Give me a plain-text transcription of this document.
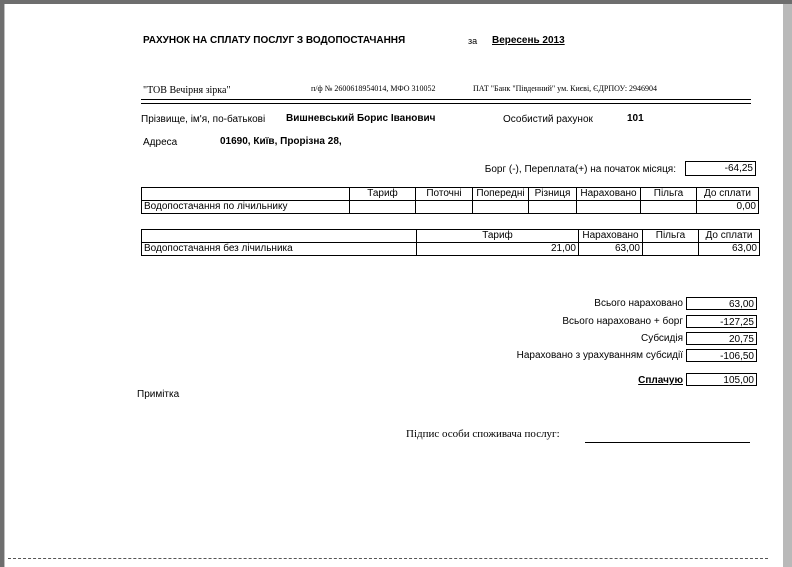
РАХУНОК НА СПЛАТУ ПОСЛУГ З ВОДОПОСТАЧАННЯ	за Вересень 2013
"ТОВ Вечірня зірка"	п/ф № 2600618954014, МФО 310052	ПАТ "Банк "Південний" ум. Києві, ЄДРПОУ: 2946904
Прізвище, ім'я, по-батькові Вишневський Борис Іванович	Особистий рахунок	101
Адреса	01690, Київ, Прорізна 28,
Борг (-), Переплата(+) на початок місяця:	-64,25
	Тариф	Поточні	Попередні	Різниця	Нараховано	Пільга	До сплати
Водопостачання по лічильнику							0,00
	Тариф	Нараховано	Пільга	До сплати
Водопостачання без лічильника	21,00	63,00		63,00
Всього нараховано	63,00
Всього нараховано + борг	-127,25
Субсидія	20,75
Нараховано з урахуванням субсидії	-106,50
Сплачую	105,00
Примітка
Підпис особи споживача послуг:
